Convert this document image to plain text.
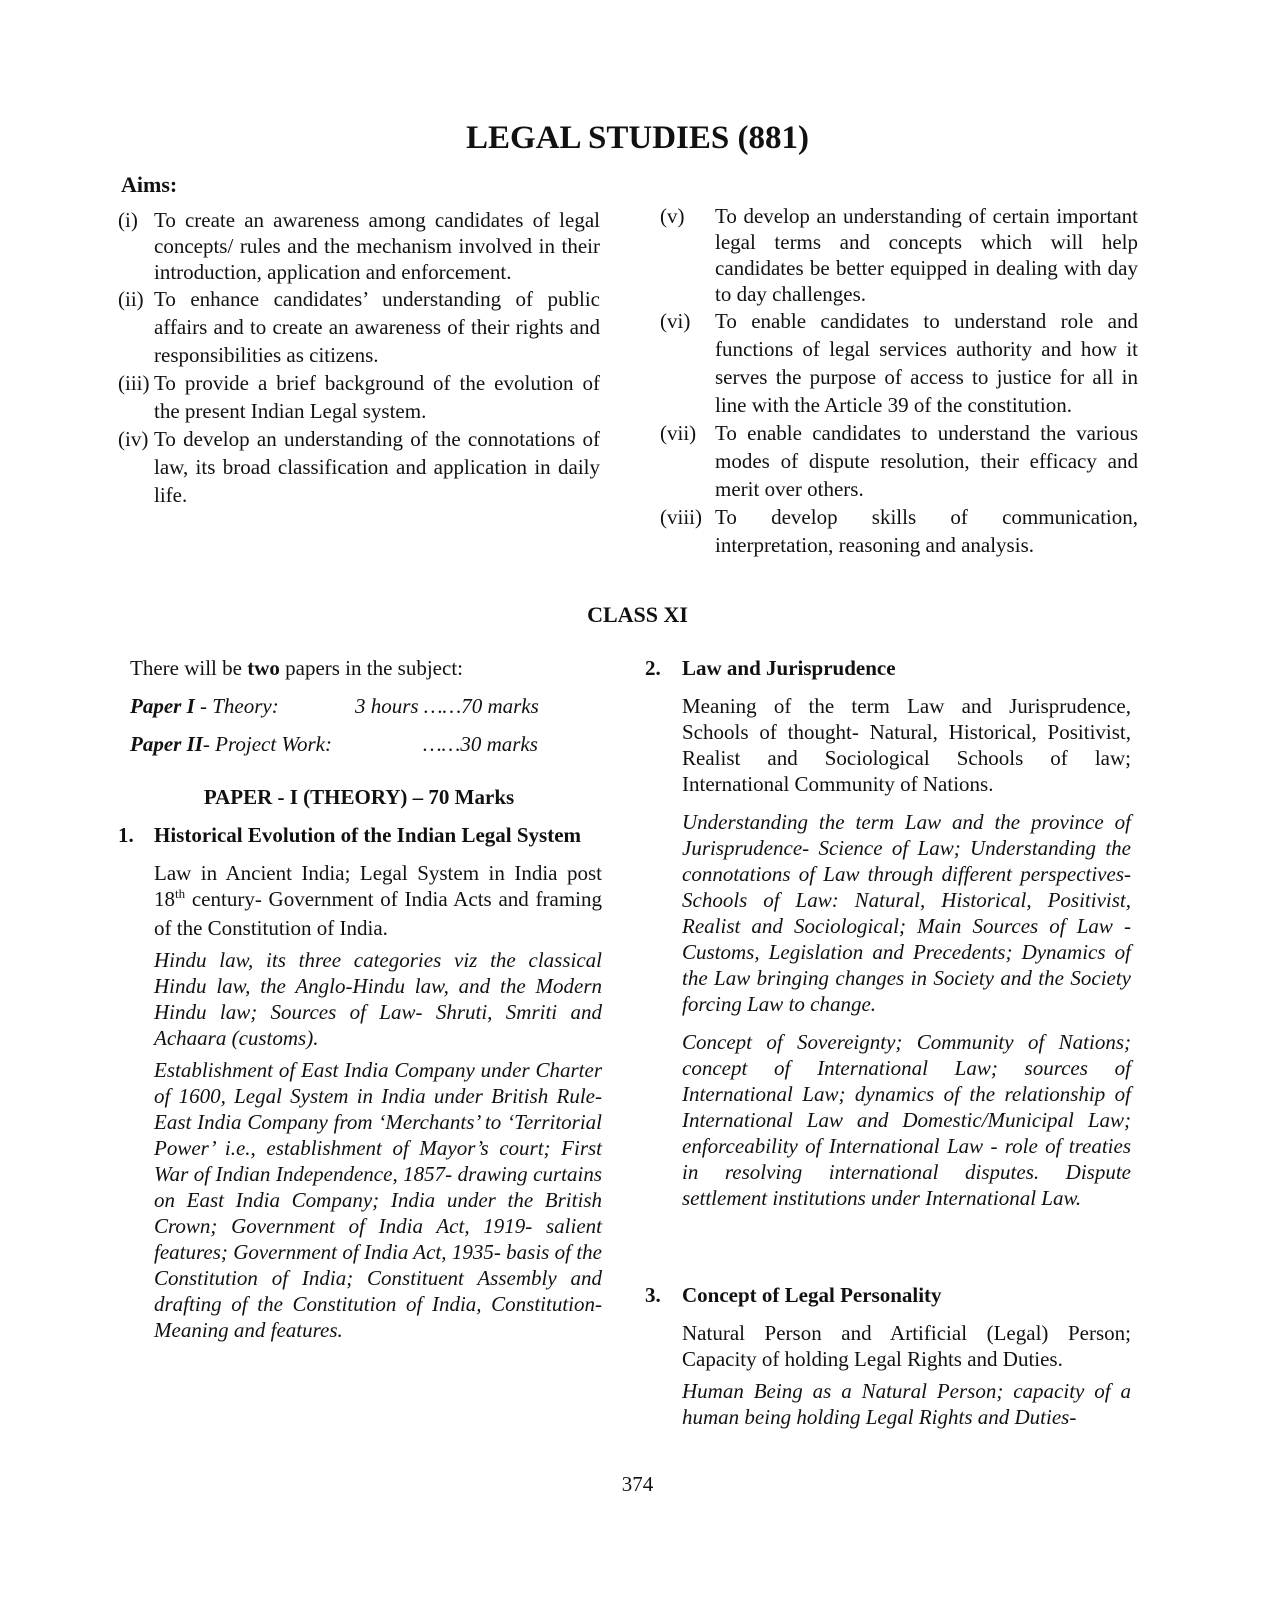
LEGAL STUDIES (881)
Aims:
(i) To create an awareness among candidates of legal concepts/ rules and the mechanism involved in their introduction, application and enforcement.
(ii) To enhance candidates’ understanding of public affairs and to create an awareness of their rights and responsibilities as citizens.
(iii) To provide a brief background of the evolution of the present Indian Legal system.
(iv) To develop an understanding of the connotations of law, its broad classification and application in daily life.
(v) To develop an understanding of certain important legal terms and concepts which will help candidates be better equipped in dealing with day to day challenges.
(vi) To enable candidates to understand role and functions of legal services authority and how it serves the purpose of access to justice for all in line with the Article 39 of the constitution.
(vii) To enable candidates to understand the various modes of dispute resolution, their efficacy and merit over others.
(viii) To develop skills of communication, interpretation, reasoning and analysis.
CLASS XI
There will be two papers in the subject:
Paper I - Theory:	3 hours ……70 marks
Paper II- Project Work:	……30 marks
PAPER - I (THEORY) – 70 Marks
1. Historical Evolution of the Indian Legal System

Law in Ancient India; Legal System in India post 18th century- Government of India Acts and framing of the Constitution of India.

Hindu law, its three categories viz the classical Hindu law, the Anglo-Hindu law, and the Modern Hindu law; Sources of Law- Shruti, Smriti and Achaara (customs).

Establishment of East India Company under Charter of 1600, Legal System in India under British Rule- East India Company from ‘Merchants’ to ‘Territorial Power’ i.e., establishment of Mayor’s court; First War of Indian Independence, 1857- drawing curtains on East India Company; India under the British Crown; Government of India Act, 1919- salient features; Government of India Act, 1935- basis of the Constitution of India; Constituent Assembly and drafting of the Constitution of India, Constitution-Meaning and features.

2. Law and Jurisprudence

Meaning of the term Law and Jurisprudence, Schools of thought- Natural, Historical, Positivist, Realist and Sociological Schools of law; International Community of Nations.

Understanding the term Law and the province of Jurisprudence- Science of Law; Understanding the connotations of Law through different perspectives- Schools of Law: Natural, Historical, Positivist, Realist and Sociological; Main Sources of Law - Customs, Legislation and Precedents; Dynamics of the Law bringing changes in Society and the Society forcing Law to change.

Concept of Sovereignty; Community of Nations; concept of International Law; sources of International Law; dynamics of the relationship of International Law and Domestic/Municipal Law; enforceability of International Law - role of treaties in resolving international disputes. Dispute settlement institutions under International Law.

3. Concept of Legal Personality

Natural Person and Artificial (Legal) Person; Capacity of holding Legal Rights and Duties.

Human Being as a Natural Person; capacity of a human being holding Legal Rights and Duties-

374
